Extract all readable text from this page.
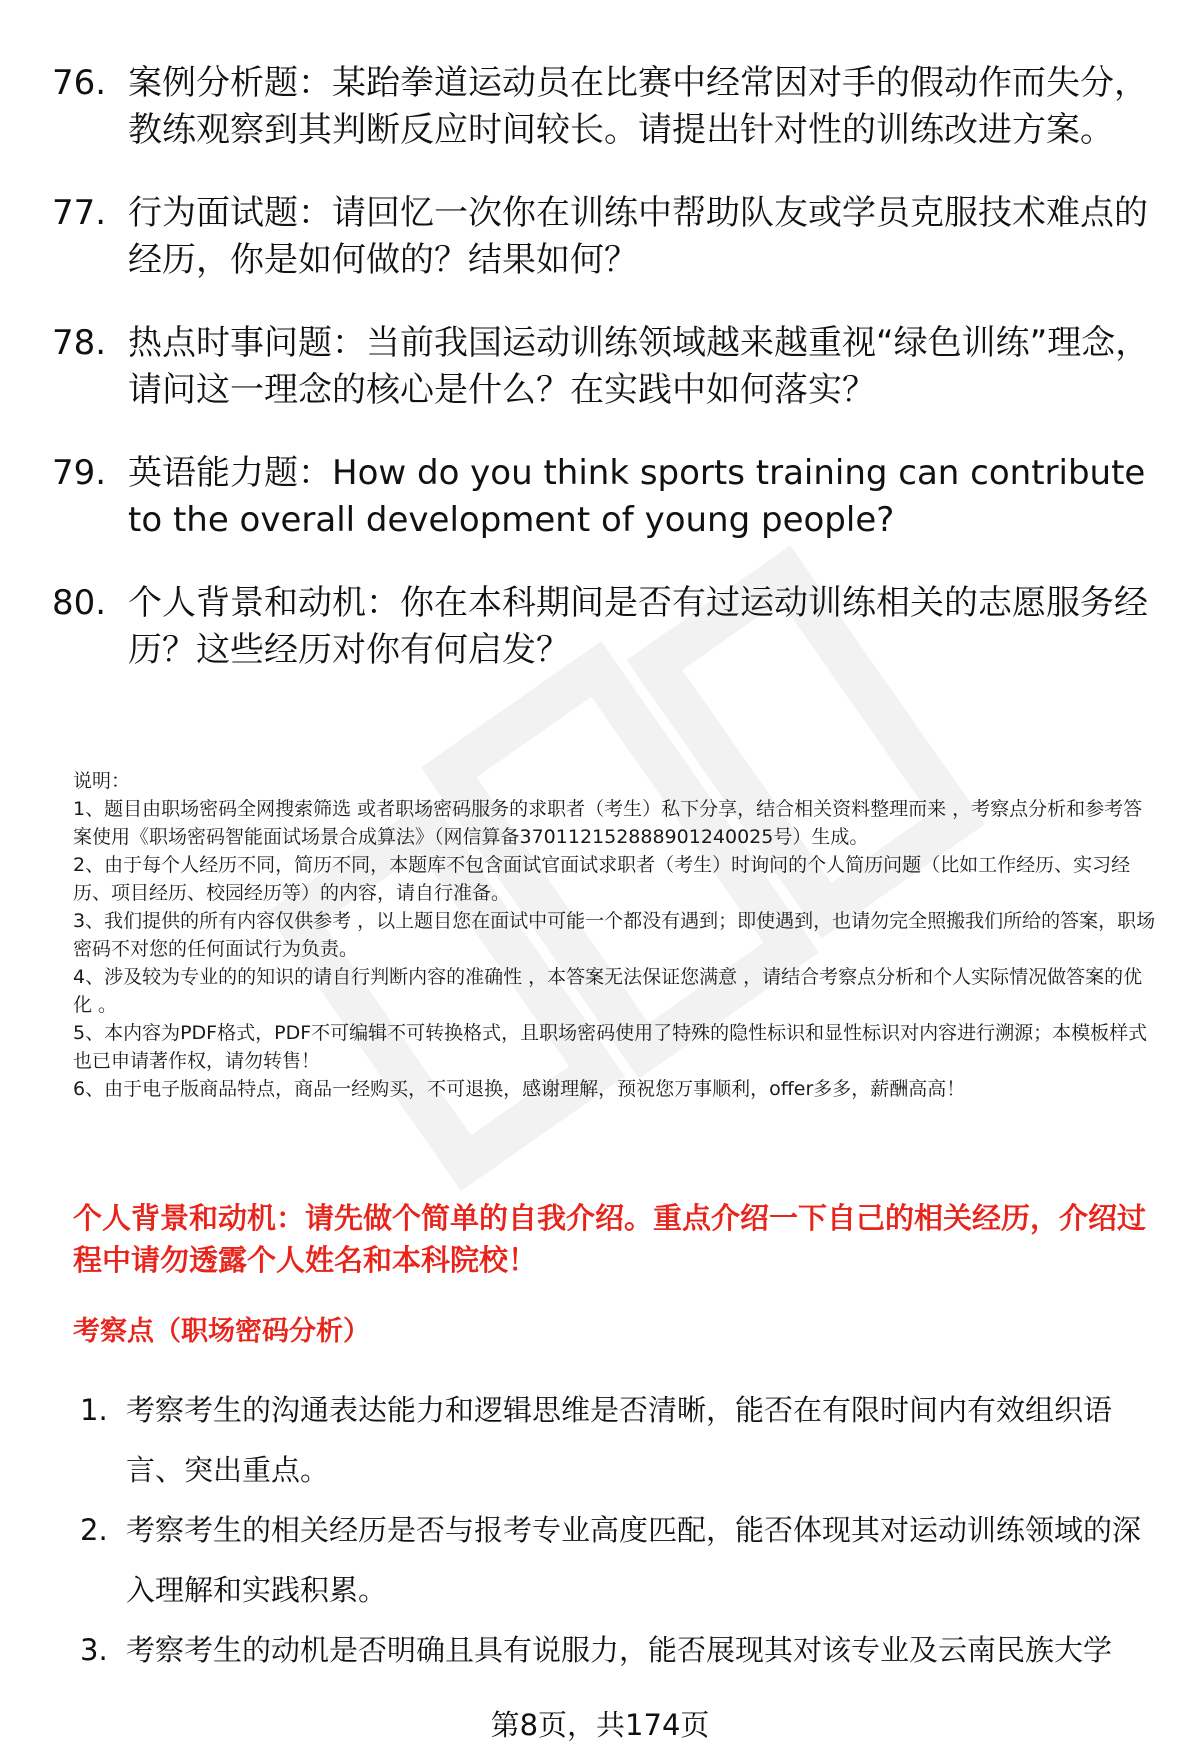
76. 案例分析题：某跆拳道运动员在比赛中经常因对手的假动作而失分，教练观察到其判断反应时间较长。请提出针对性的训练改进方案。
77. 行为面试题：请回忆一次你在训练中帮助队友或学员克服技术难点的经历，你是如何做的？结果如何？
78. 热点时事问题：当前我国运动训练领域越来越重视“绿色训练”理念，请问这一理念的核心是什么？在实践中如何落实？
79. 英语能力题：How do you think sports training can contribute to the overall development of young people?
80. 个人背景和动机：你在本科期间是否有过运动训练相关的志愿服务经历？这些经历对你有何启发？

说明：

1、题目由职场密码全网搜索筛选 或者职场密码服务的求职者（考生）私下分享，结合相关资料整理而来 ，考察点分析和参考答案使用《职场密码智能面试场景合成算法》（网信算备370112152888901240025号）生成。

2、由于每个人经历不同，简历不同，本题库不包含面试官面试求职者（考生）时询问的个人简历问题（比如工作经历、实习经历、项目经历、校园经历等）的内容，请自行准备。

3、我们提供的所有内容仅供参考 ，以上题目您在面试中可能一个都没有遇到；即使遇到，也请勿完全照搬我们所给的答案，职场密码不对您的任何面试行为负责。

4、涉及较为专业的的知识的请自行判断内容的准确性 ，本答案无法保证您满意 ，请结合考察点分析和个人实际情况做答案的优化 。

5、本内容为PDF格式，PDF不可编辑不可转换格式，且职场密码使用了特殊的隐性标识和显性标识对内容进行溯源；本模板样式也已申请著作权，请勿转售！

6、由于电子版商品特点，商品一经购买，不可退换，感谢理解，预祝您万事顺利，offer多多，薪酬高高！

个人背景和动机：请先做个简单的自我介绍。重点介绍一下自己的相关经历，介绍过程中请勿透露个人姓名和本科院校！
考察点（职场密码分析）
1. 考察考生的沟通表达能力和逻辑思维是否清晰，能否在有限时间内有效组织语言、突出重点。
2. 考察考生的相关经历是否与报考专业高度匹配，能否体现其对运动训练领域的深入理解和实践积累。
3. 考察考生的动机是否明确且具有说服力，能否展现其对该专业及云南民族大学
第8页，共174页
